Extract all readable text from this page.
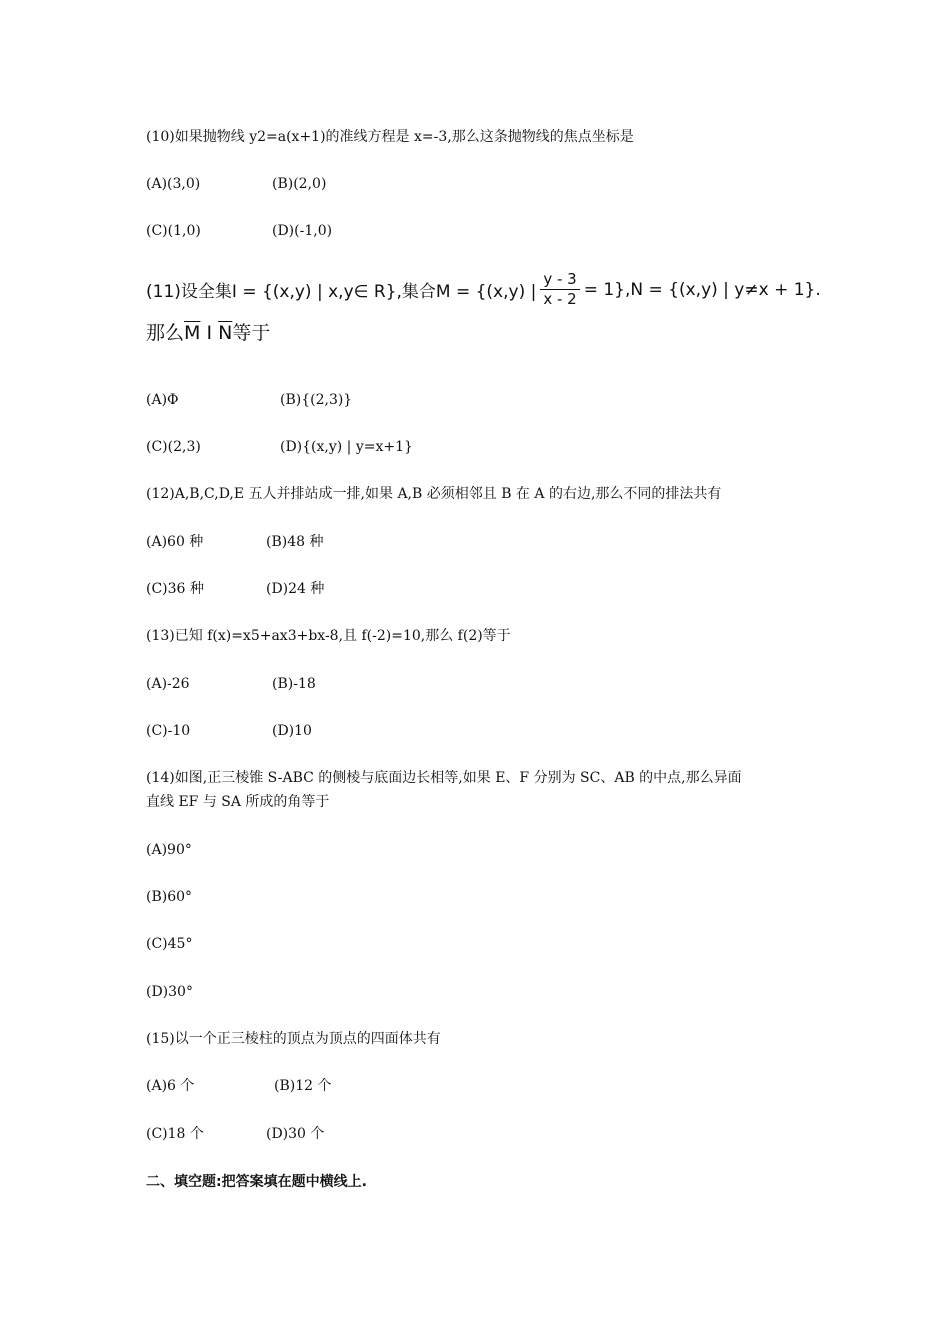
(10)如果抛物线 y2=a(x+1)的准线方程是 x=-3,那么这条抛物线的焦点坐标是
(A)(3,0)	(B)(2,0)
(C)(1,0)	(D)(-1,0)
(11)设全集I = {(x,y) | x,y∈ R},集合M = {(x,y) | $\frac{y - 3}{x - 2} = 1\},N = \{(x,y)$ | y≠x + 1}.
那么$\overline{M}$ I $\overline{N}$等于
(A)Φ	(B){(2,3)}
(C)(2,3)	(D){(x,y) | y=x+1}
(12)A,B,C,D,E 五人并排站成一排,如果 A,B 必须相邻且 B 在 A 的右边,那么不同的排法共有
(A)60 种	(B)48 种
(C)36 种	(D)24 种
(13)已知 f(x)=x5+ax3+bx-8,且 f(-2)=10,那么 f(2)等于
(A)-26	(B)-18
(C)-10	(D)10
(14)如图,正三棱锥 S-ABC 的侧棱与底面边长相等,如果 E、F 分别为 SC、AB 的中点,那么异面
直线 EF 与 SA 所成的角等于
(A)90°
(B)60°
(C)45°
(D)30°
(15)以一个正三棱柱的顶点为顶点的四面体共有
(A)6 个	(B)12 个
(C)18 个	(D)30 个
二、填空题:把答案填在题中横线上.
